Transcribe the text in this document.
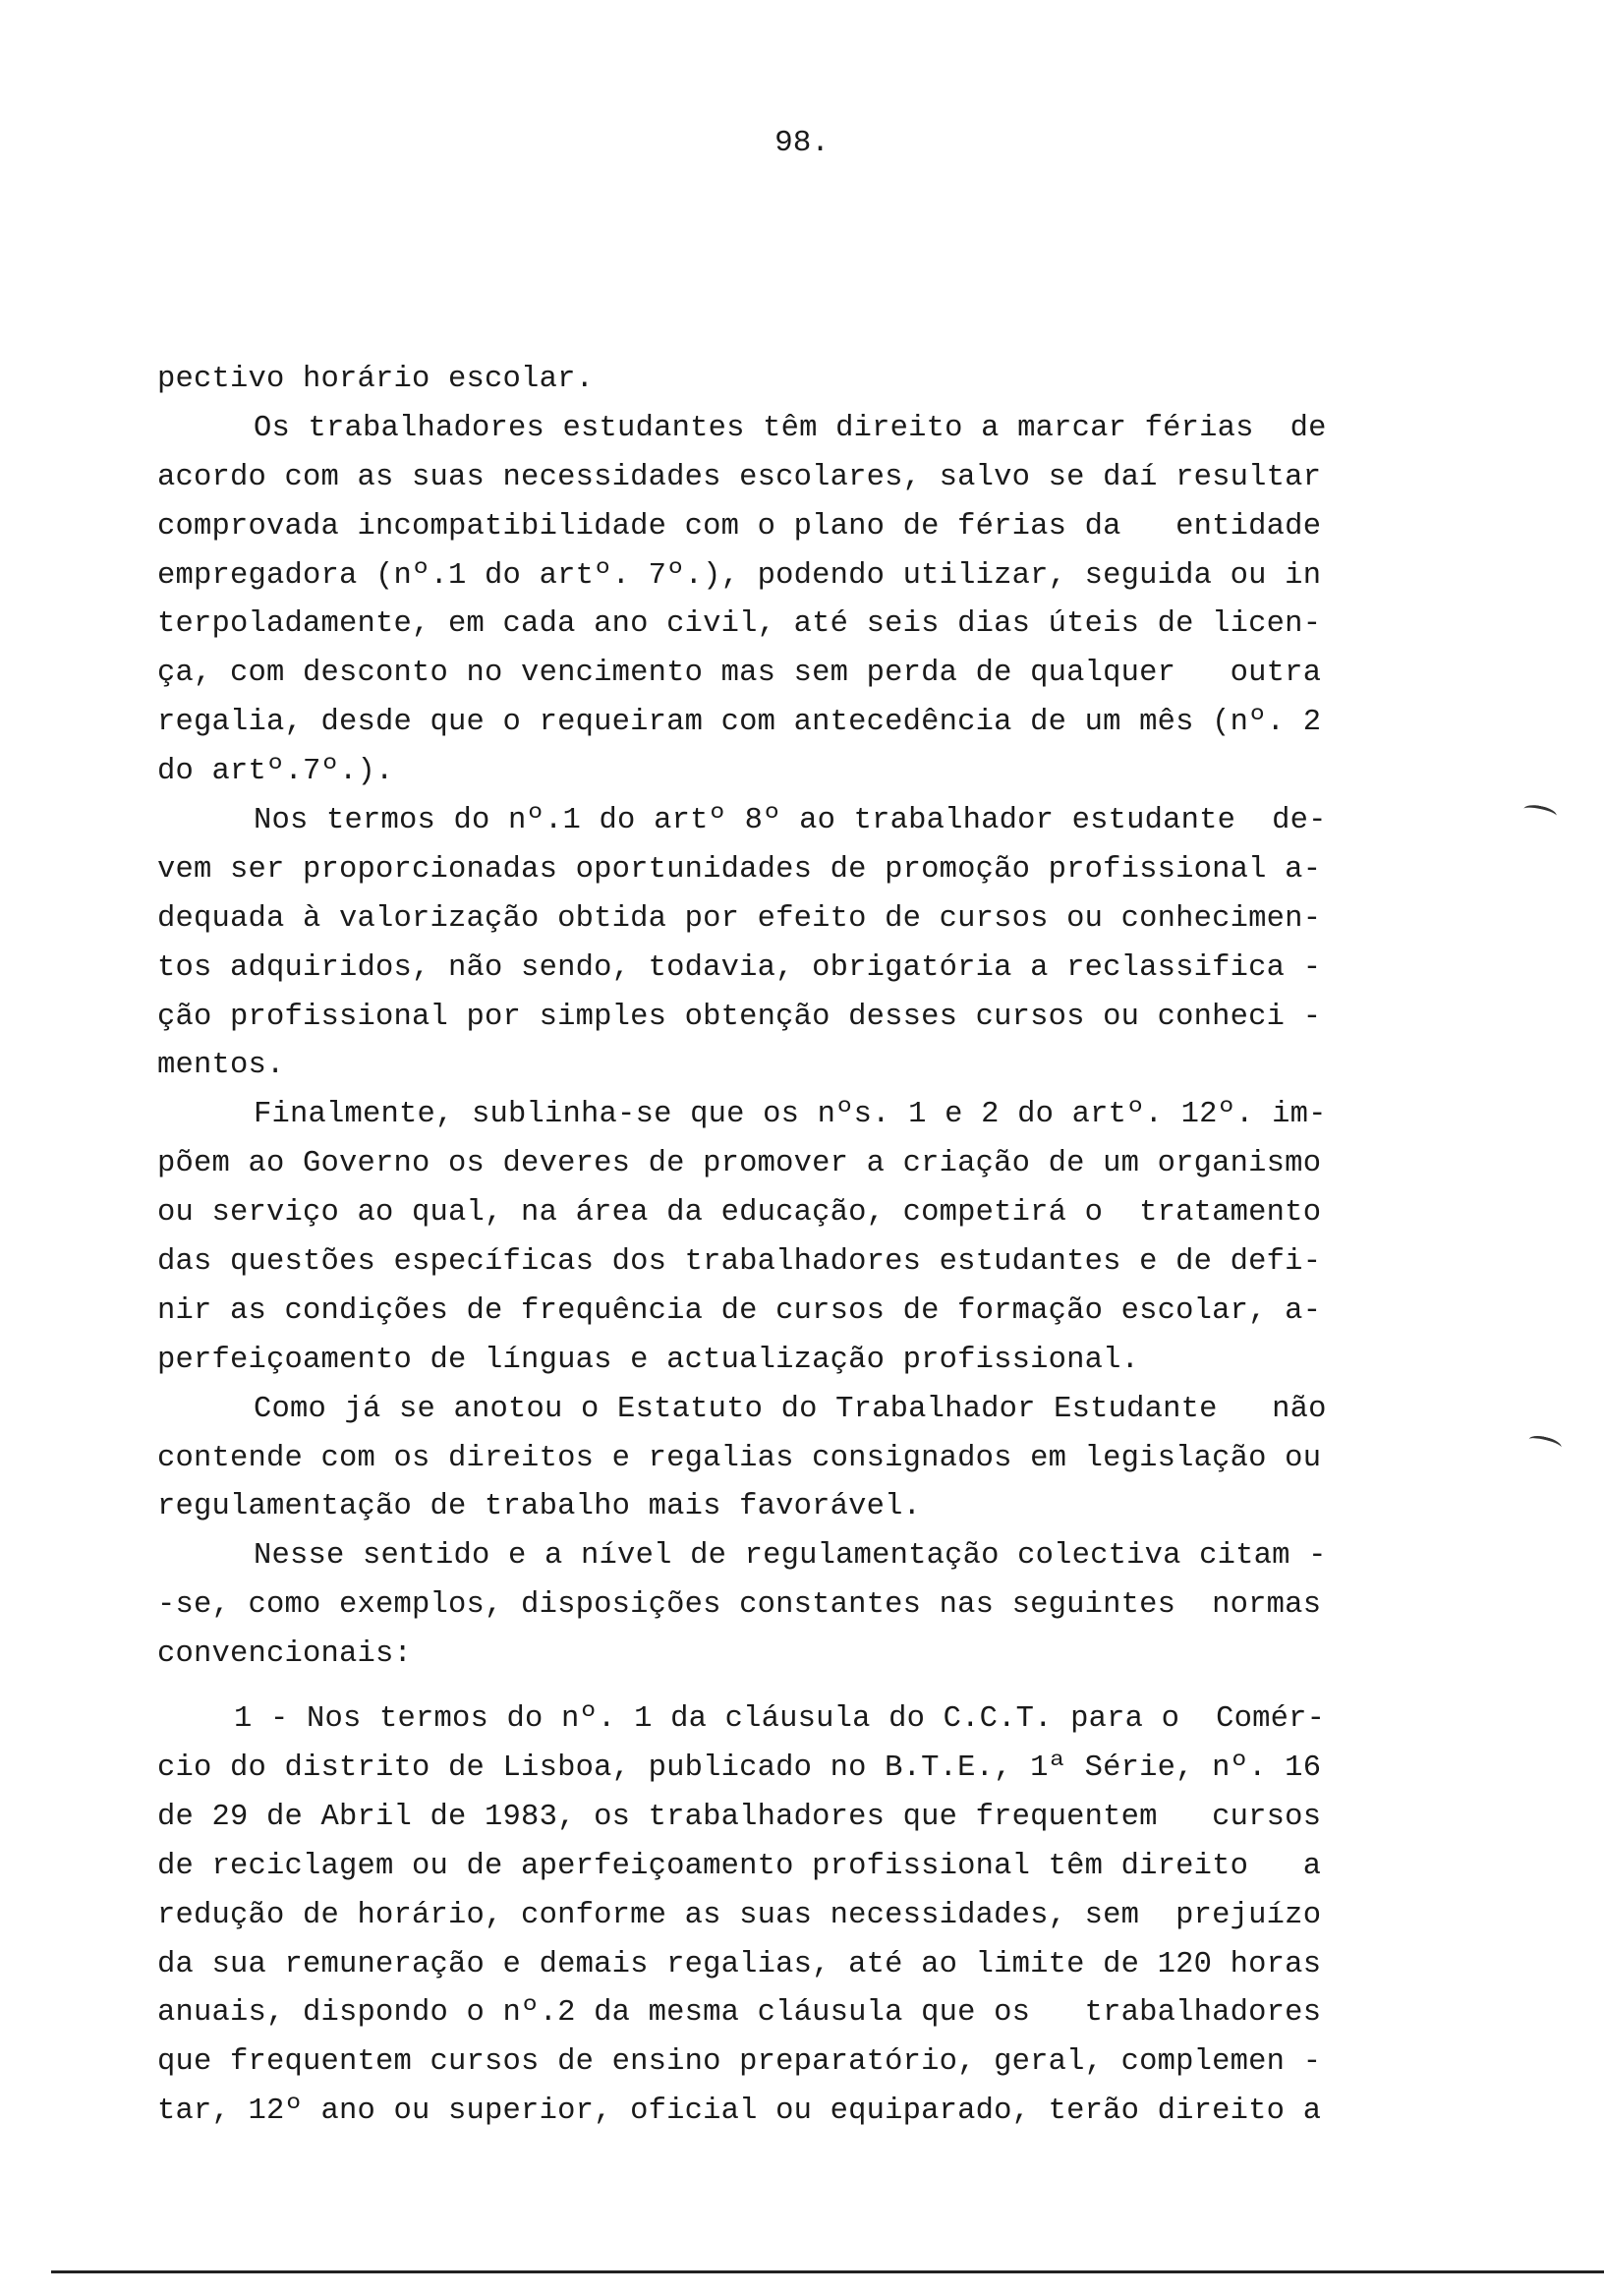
98.
pectivo horário escolar.
Os trabalhadores estudantes têm direito a marcar férias  de
acordo com as suas necessidades escolares, salvo se daí resultar
comprovada incompatibilidade com o plano de férias da   entidade
empregadora (nº.1 do artº. 7º.), podendo utilizar, seguida ou in
terpoladamente, em cada ano civil, até seis dias úteis de licen-
ça, com desconto no vencimento mas sem perda de qualquer   outra
regalia, desde que o requeiram com antecedência de um mês (nº. 2
do artº.7º.).
Nos termos do nº.1 do artº 8º ao trabalhador estudante  de-
vem ser proporcionadas oportunidades de promoção profissional a-
dequada à valorização obtida por efeito de cursos ou conhecimen-
tos adquiridos, não sendo, todavia, obrigatória a reclassifica -
ção profissional por simples obtenção desses cursos ou conheci -
mentos.
Finalmente, sublinha-se que os nºs. 1 e 2 do artº. 12º. im-
põem ao Governo os deveres de promover a criação de um organismo
ou serviço ao qual, na área da educação, competirá o  tratamento
das questões específicas dos trabalhadores estudantes e de defi-
nir as condições de frequência de cursos de formação escolar, a-
perfeiçoamento de línguas e actualização profissional.
Como já se anotou o Estatuto do Trabalhador Estudante   não
contende com os direitos e regalias consignados em legislação ou
regulamentação de trabalho mais favorável.
Nesse sentido e a nível de regulamentação colectiva citam -
-se, como exemplos, disposições constantes nas seguintes  normas
convencionais:
1 - Nos termos do nº. 1 da cláusula do C.C.T. para o  Comér-
cio do distrito de Lisboa, publicado no B.T.E., 1ª Série, nº. 16
de 29 de Abril de 1983, os trabalhadores que frequentem   cursos
de reciclagem ou de aperfeiçoamento profissional têm direito   a
redução de horário, conforme as suas necessidades, sem  prejuízo
da sua remuneração e demais regalias, até ao limite de 120 horas
anuais, dispondo o nº.2 da mesma cláusula que os   trabalhadores
que frequentem cursos de ensino preparatório, geral, complemen -
tar, 12º ano ou superior, oficial ou equiparado, terão direito a
